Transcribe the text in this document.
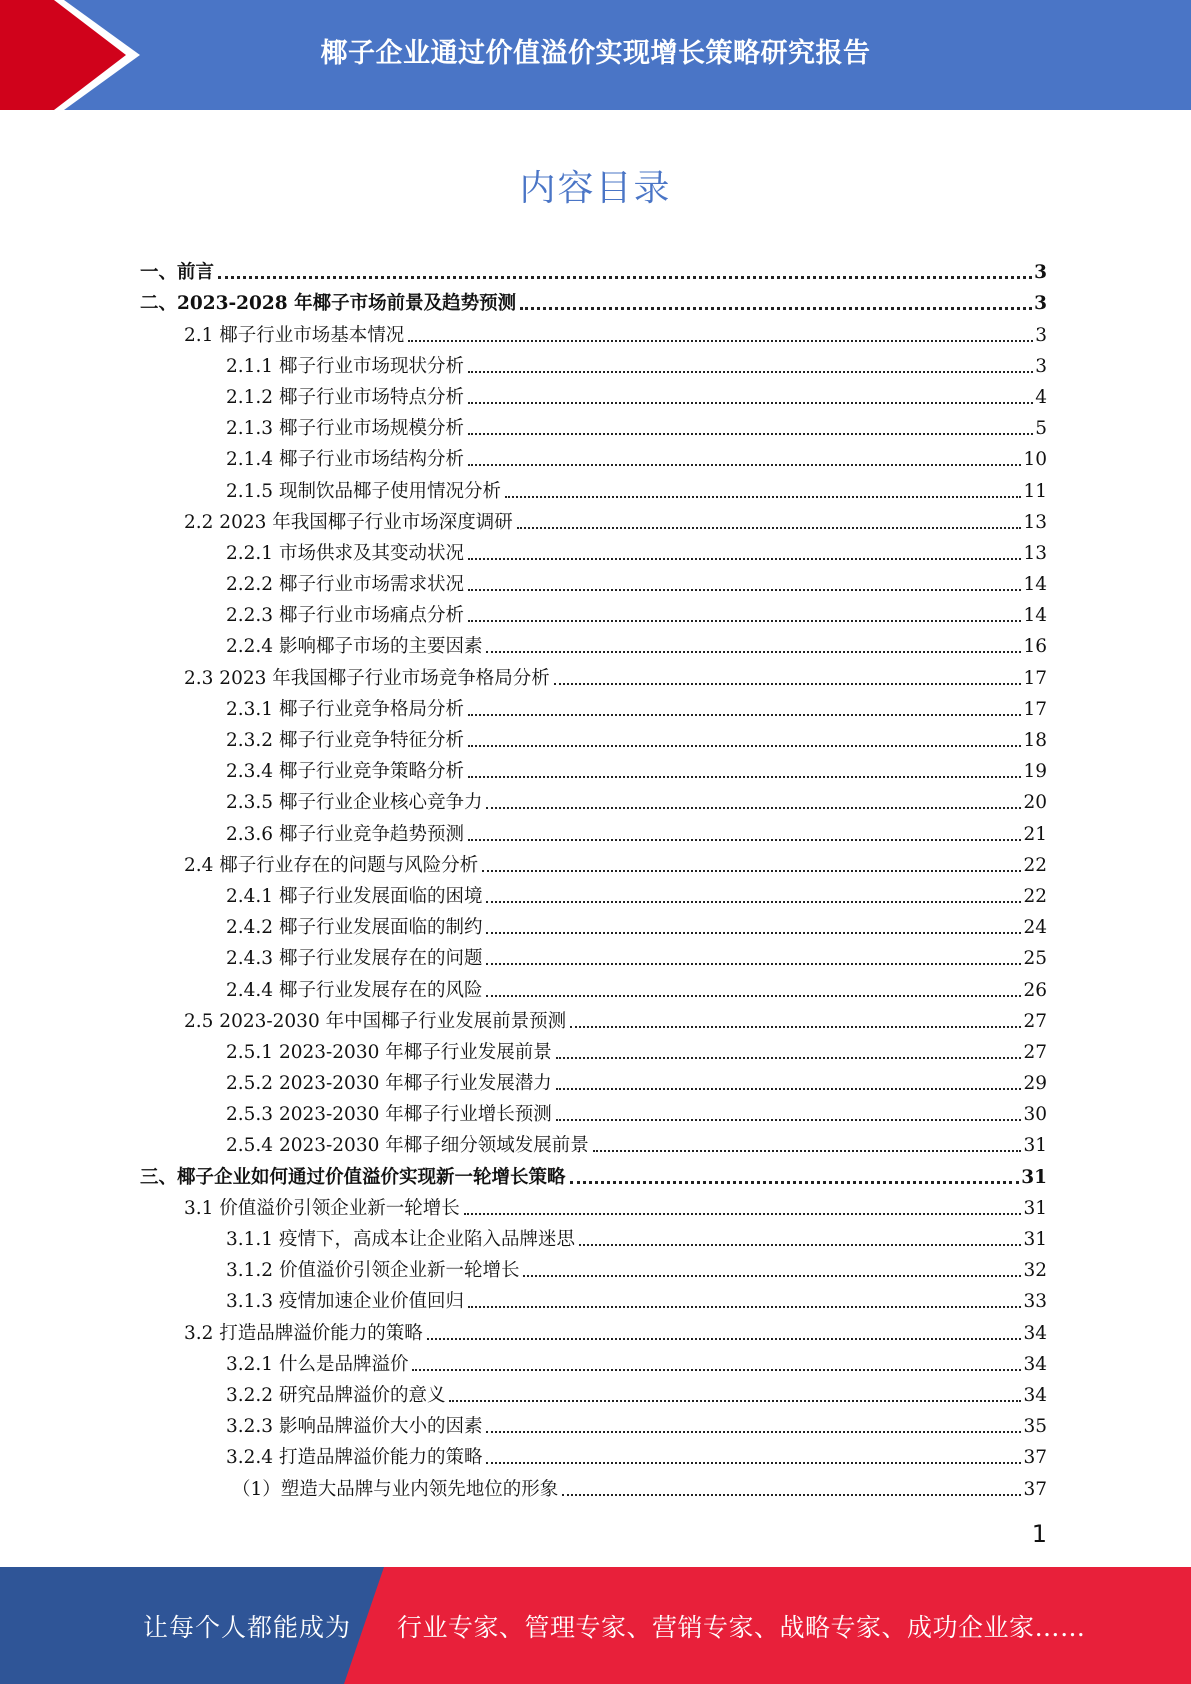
椰子企业通过价值溢价实现增长策略研究报告
内容目录
一、前言	3
二、2023-2028 年椰子市场前景及趋势预测	3
2.1 椰子行业市场基本情况	3
2.1.1 椰子行业市场现状分析	3
2.1.2 椰子行业市场特点分析	4
2.1.3 椰子行业市场规模分析	5
2.1.4 椰子行业市场结构分析	10
2.1.5 现制饮品椰子使用情况分析	11
2.2 2023 年我国椰子行业市场深度调研	13
2.2.1 市场供求及其变动状况	13
2.2.2 椰子行业市场需求状况	14
2.2.3 椰子行业市场痛点分析	14
2.2.4 影响椰子市场的主要因素	16
2.3 2023 年我国椰子行业市场竞争格局分析	17
2.3.1 椰子行业竞争格局分析	17
2.3.2 椰子行业竞争特征分析	18
2.3.4 椰子行业竞争策略分析	19
2.3.5 椰子行业企业核心竞争力	20
2.3.6 椰子行业竞争趋势预测	21
2.4 椰子行业存在的问题与风险分析	22
2.4.1 椰子行业发展面临的困境	22
2.4.2 椰子行业发展面临的制约	24
2.4.3 椰子行业发展存在的问题	25
2.4.4 椰子行业发展存在的风险	26
2.5 2023-2030 年中国椰子行业发展前景预测	27
2.5.1 2023-2030 年椰子行业发展前景	27
2.5.2 2023-2030 年椰子行业发展潜力	29
2.5.3 2023-2030 年椰子行业增长预测	30
2.5.4 2023-2030 年椰子细分领域发展前景	31
三、椰子企业如何通过价值溢价实现新一轮增长策略	31
3.1 价值溢价引领企业新一轮增长	31
3.1.1 疫情下，高成本让企业陷入品牌迷思	31
3.1.2 价值溢价引领企业新一轮增长	32
3.1.3 疫情加速企业价值回归	33
3.2 打造品牌溢价能力的策略	34
3.2.1 什么是品牌溢价	34
3.2.2 研究品牌溢价的意义	34
3.2.3 影响品牌溢价大小的因素	35
3.2.4 打造品牌溢价能力的策略	37
（1）塑造大品牌与业内领先地位的形象	37
1
让每个人都能成为 行业专家、管理专家、营销专家、战略专家、成功企业家……
